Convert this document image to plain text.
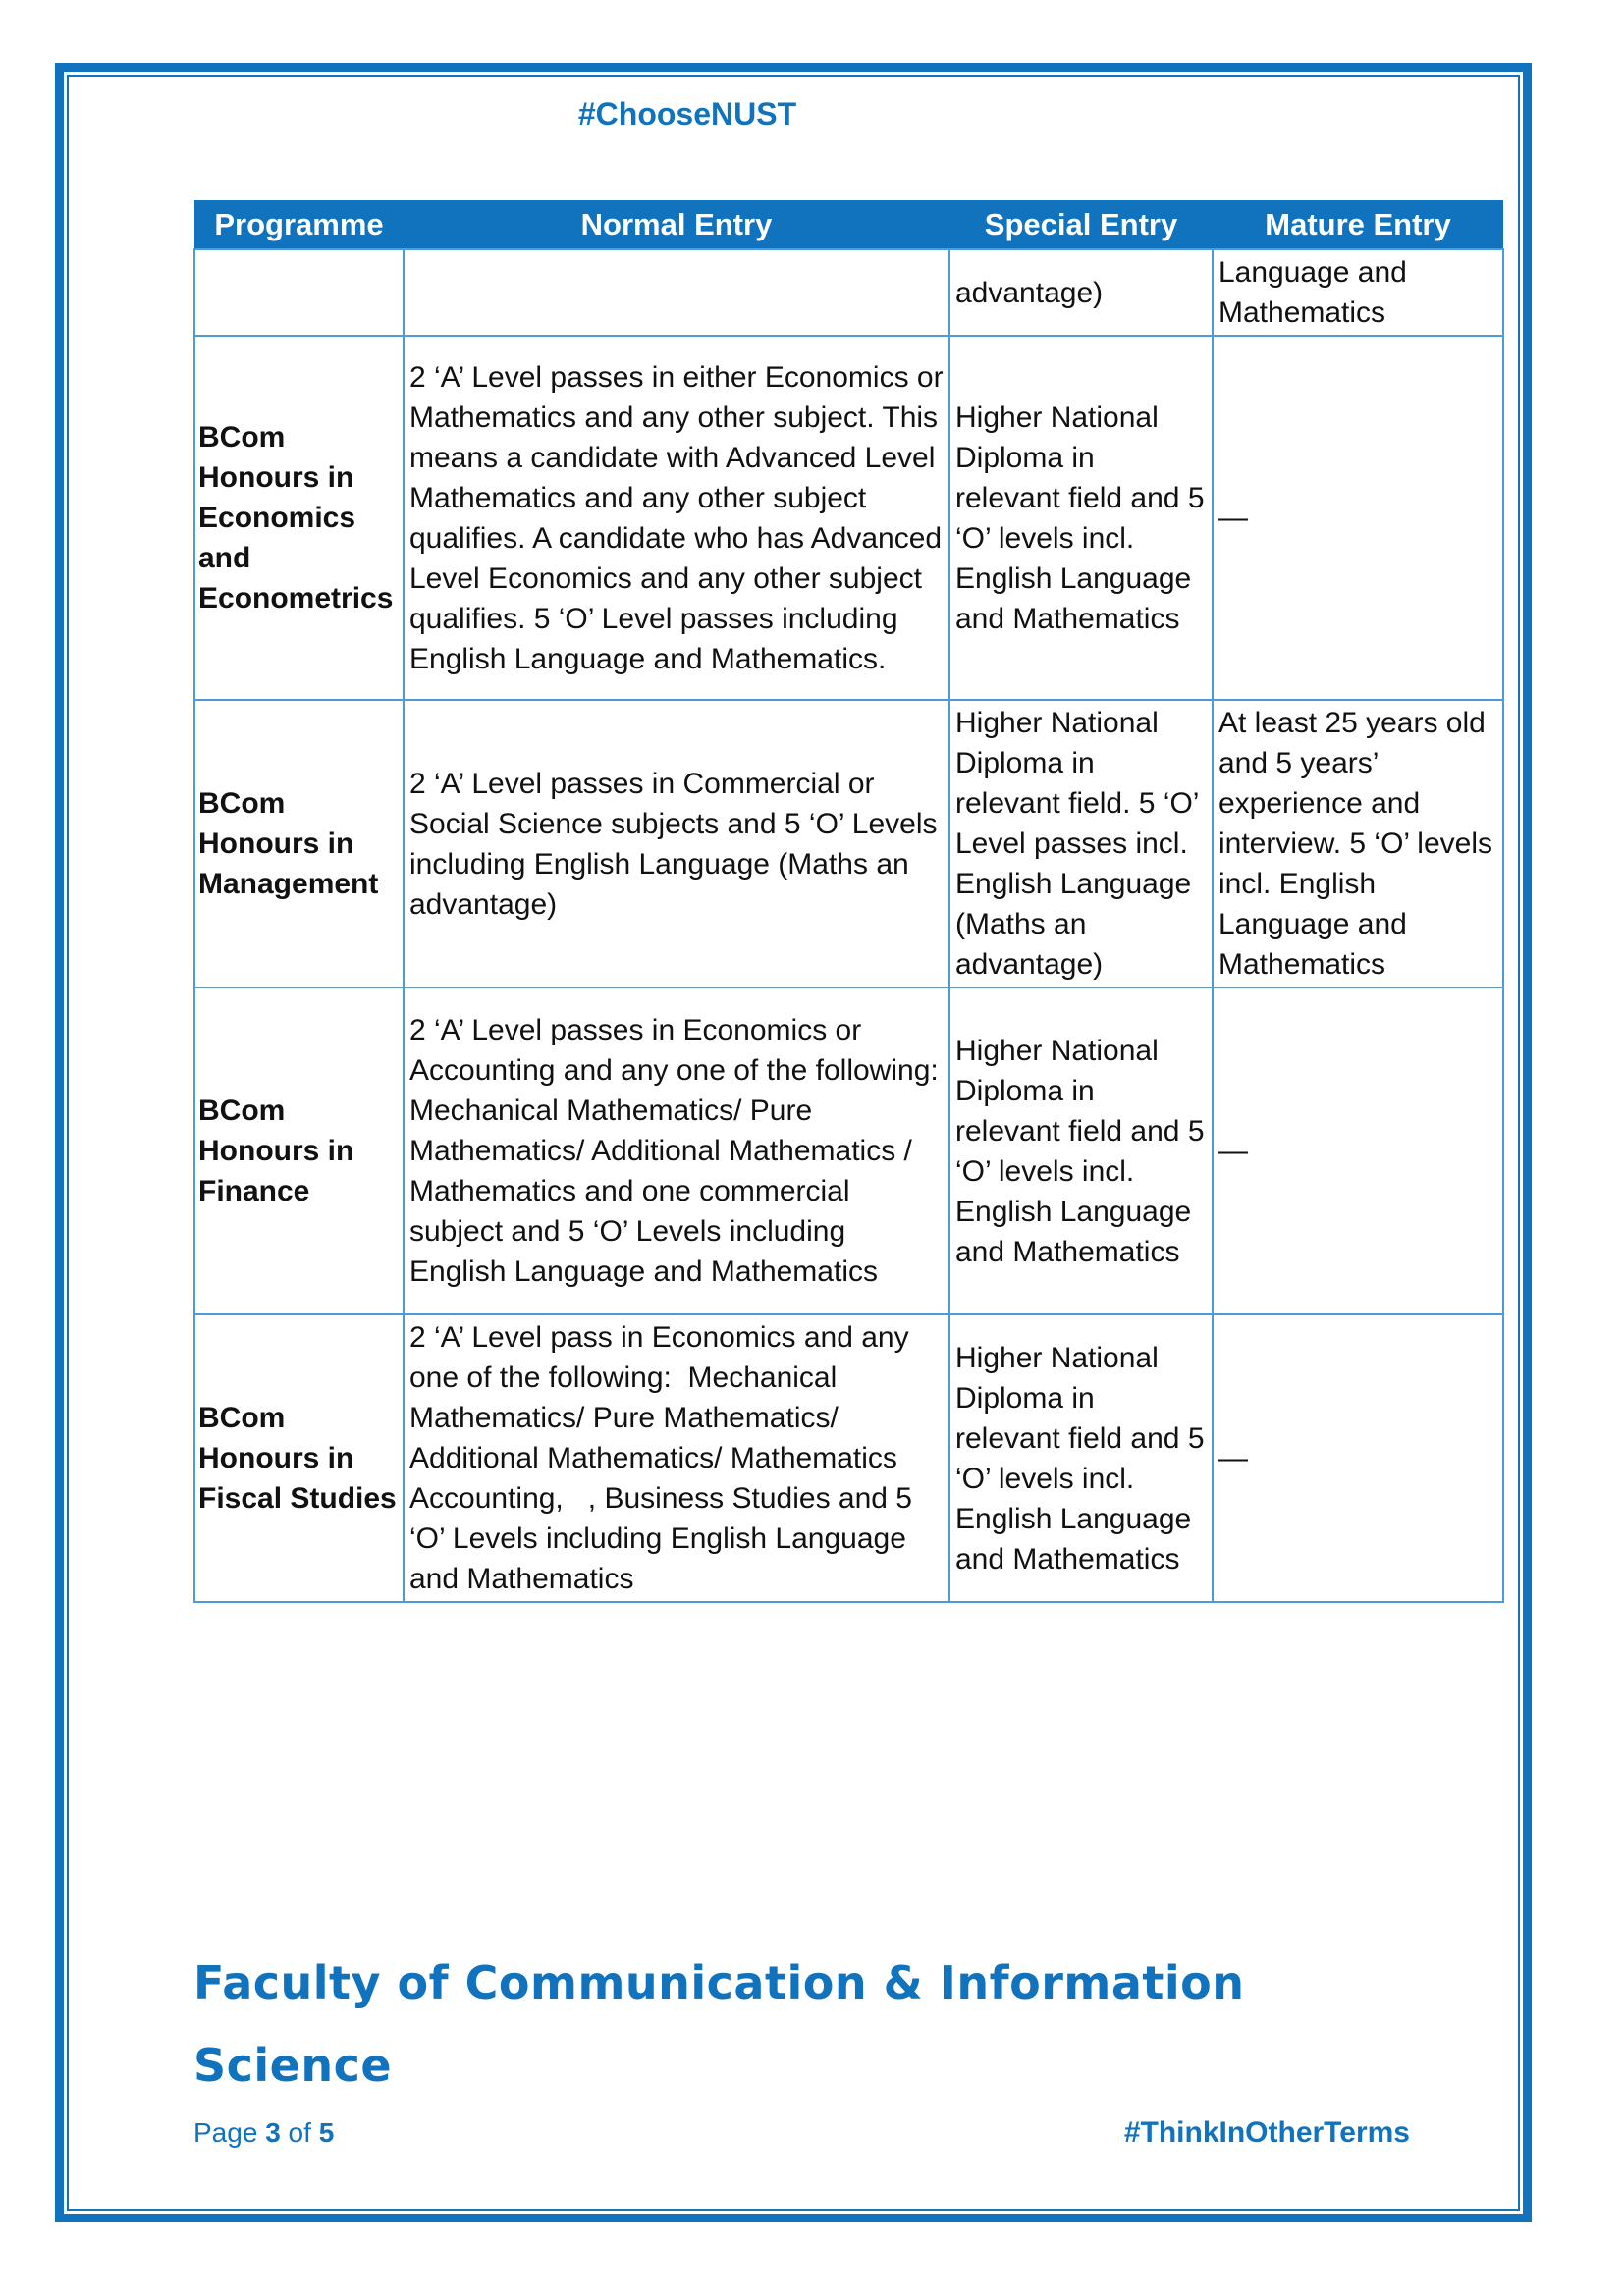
#ChooseNUST
Programme	Normal Entry	Special Entry	Mature Entry
		advantage)	Language and Mathematics
BCom Honours in Economics and Econometrics	2 ‘A’ Level passes in either Economics or Mathematics and any other subject. This means a candidate with Advanced Level Mathematics and any other subject qualifies. A candidate who has Advanced Level Economics and any other subject qualifies. 5 ‘O’ Level passes including English Language and Mathematics.	Higher National Diploma in relevant field and 5 ‘O’ levels incl. English Language and Mathematics	—
BCom Honours in Management	2 ‘A’ Level passes in Commercial or Social Science subjects and 5 ‘O’ Levels including English Language (Maths an advantage)	Higher National Diploma in relevant field. 5 ‘O’ Level passes incl. English Language (Maths an advantage)	At least 25 years old and 5 years’ experience and interview. 5 ‘O’ levels incl. English Language and Mathematics
BCom Honours in Finance	2 ‘A’ Level passes in Economics or Accounting and any one of the following:   Mechanical Mathematics/ Pure Mathematics/ Additional Mathematics / Mathematics and one commercial subject and 5 ‘O’ Levels including English Language and Mathematics	Higher National Diploma in relevant field and 5 ‘O’ levels incl. English Language and Mathematics	—
BCom Honours in Fiscal Studies	2 ‘A’ Level pass in Economics and any one of the following:  Mechanical Mathematics/ Pure Mathematics/ Additional Mathematics/ Mathematics Accounting,   , Business Studies and 5 ‘O’ Levels including English Language and Mathematics	Higher National Diploma in relevant field and 5 ‘O’ levels incl. English Language and Mathematics	—
Faculty of Communication & Information Science
Page 3 of 5	#ThinkInOtherTerms
